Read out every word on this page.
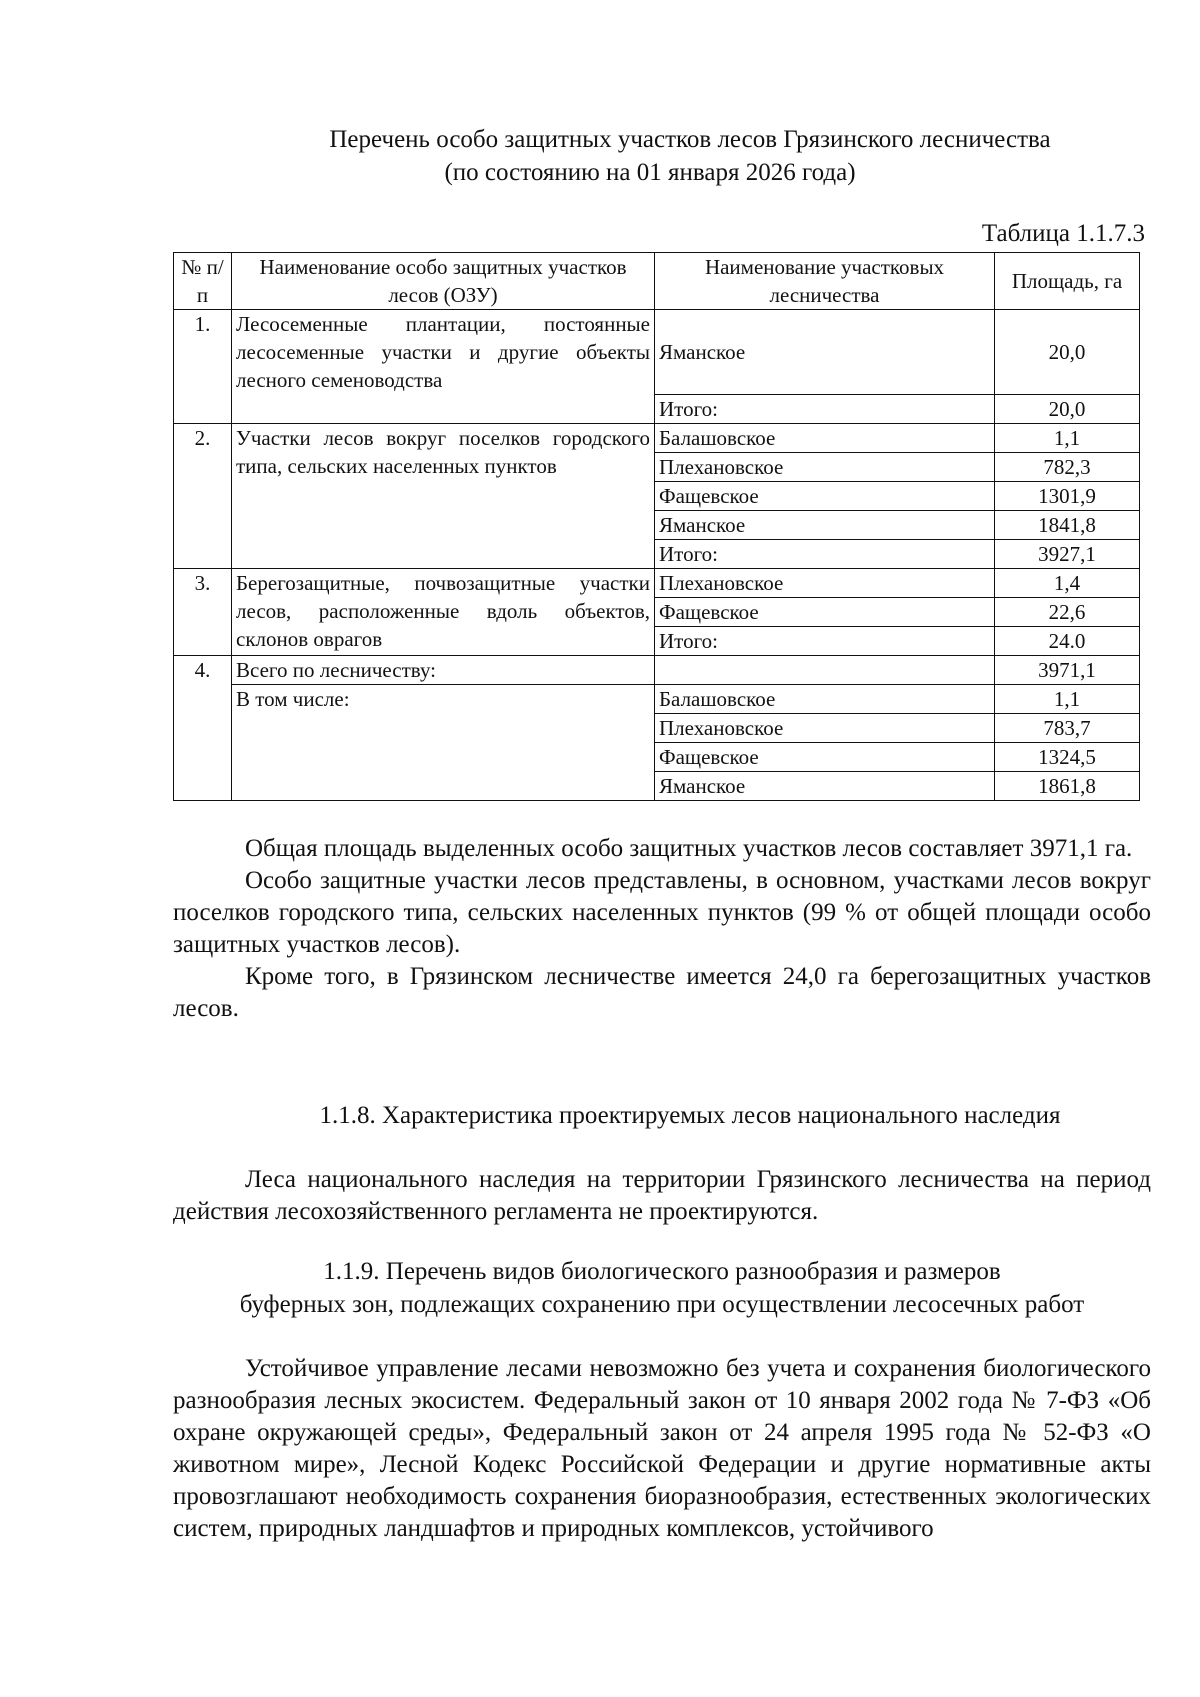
Перечень особо защитных участков лесов Грязинского лесничества
(по состоянию на 01 января 2026 года)
Таблица 1.1.7.3
№ п/п	Наименование особо защитных участков лесов (ОЗУ)	Наименование участковых лесничества	Площадь, га
1.	Лесосеменные плантации, постоянные лесосеменные участки и другие объекты лесного семеноводства	Яманское	20,0
		Итого:	20,0
2.	Участки лесов вокруг поселков городского типа, сельских населенных пунктов	Балашовское	1,1
		Плехановское	782,3
		Фащевское	1301,9
		Яманское	1841,8
		Итого:	3927,1
3.	Берегозащитные, почвозащитные участки лесов, расположенные вдоль объектов, склонов оврагов	Плехановское	1,4
		Фащевское	22,6
		Итого:	24.0
4.	Всего по лесничеству:		3971,1
	В том числе:	Балашовское	1,1
		Плехановское	783,7
		Фащевское	1324,5
		Яманское	1861,8

Общая площадь выделенных особо защитных участков лесов составляет 3971,1 га.

Особо защитные участки лесов представлены, в основном, участками лесов вокруг поселков городского типа, сельских населенных пунктов (99 % от общей площади особо защитных участков лесов).

Кроме того, в Грязинском лесничестве имеется 24,0 га берегозащитных участков лесов.

1.1.8. Характеристика проектируемых лесов национального наследия

Леса национального наследия на территории Грязинского лесничества на период действия лесохозяйственного регламента не проектируются.

1.1.9. Перечень видов биологического разнообразия и размеров
буферных зон, подлежащих сохранению при осуществлении лесосечных работ

Устойчивое управление лесами невозможно без учета и сохранения биологического разнообразия лесных экосистем. Федеральный закон от 10 января 2002 года № 7-ФЗ «Об охране окружающей среды», Федеральный закон от 24 апреля 1995 года № 52-ФЗ «О животном мире», Лесной Кодекс Российской Федерации и другие нормативные акты провозглашают необходимость сохранения биоразнообразия, естественных экологических систем, природных ландшафтов и природных комплексов, устойчивого
